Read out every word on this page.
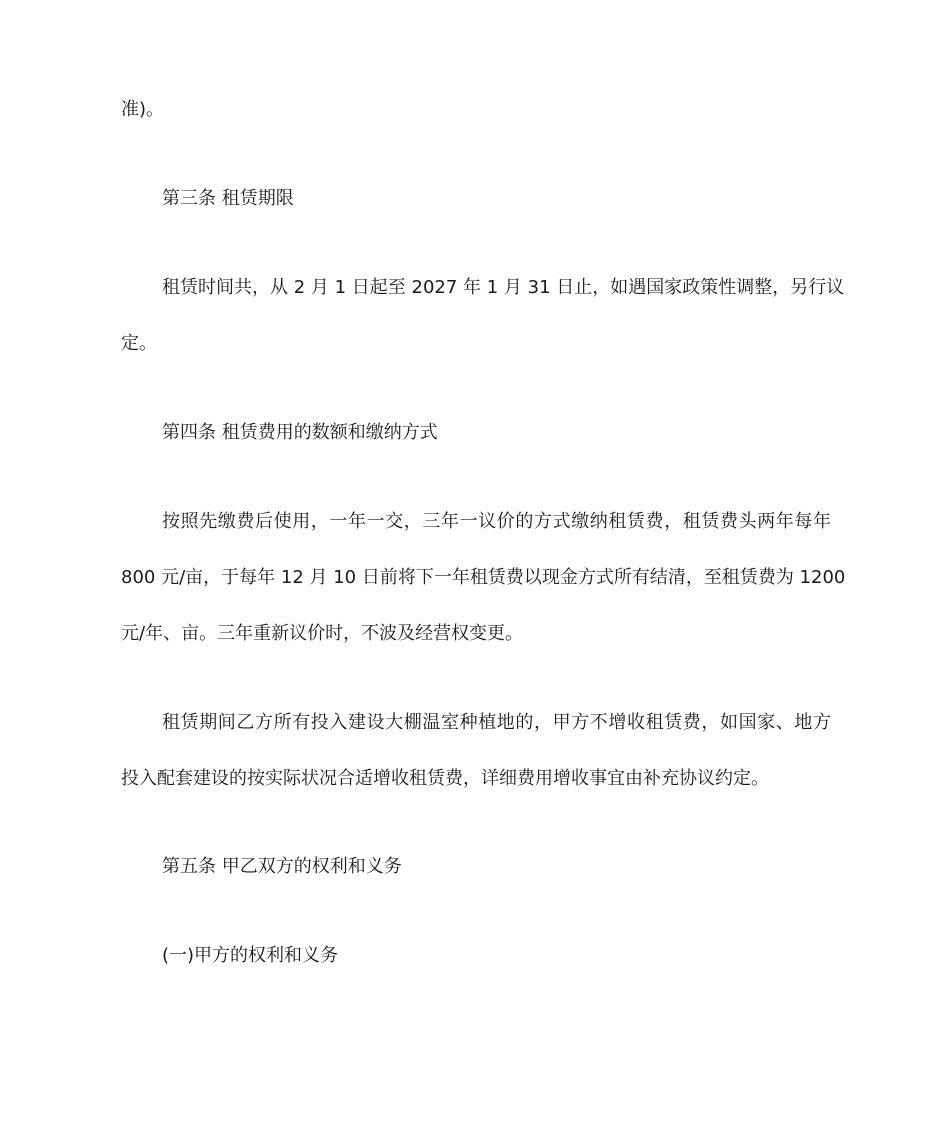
准)。
第三条 租赁期限
租赁时间共，从 2 月 1 日起至 2027 年 1 月 31 日止，如遇国家政策性调整，另行议
定。
第四条 租赁费用的数额和缴纳方式
按照先缴费后使用，一年一交，三年一议价的方式缴纳租赁费，租赁费头两年每年
800 元/亩，于每年 12 月 10 日前将下一年租赁费以现金方式所有结清，至租赁费为 1200
元/年、亩。三年重新议价时，不波及经营权变更。
租赁期间乙方所有投入建设大棚温室种植地的，甲方不增收租赁费，如国家、地方
投入配套建设的按实际状况合适增收租赁费，详细费用增收事宜由补充协议约定。
第五条 甲乙双方的权利和义务
(一)甲方的权利和义务
